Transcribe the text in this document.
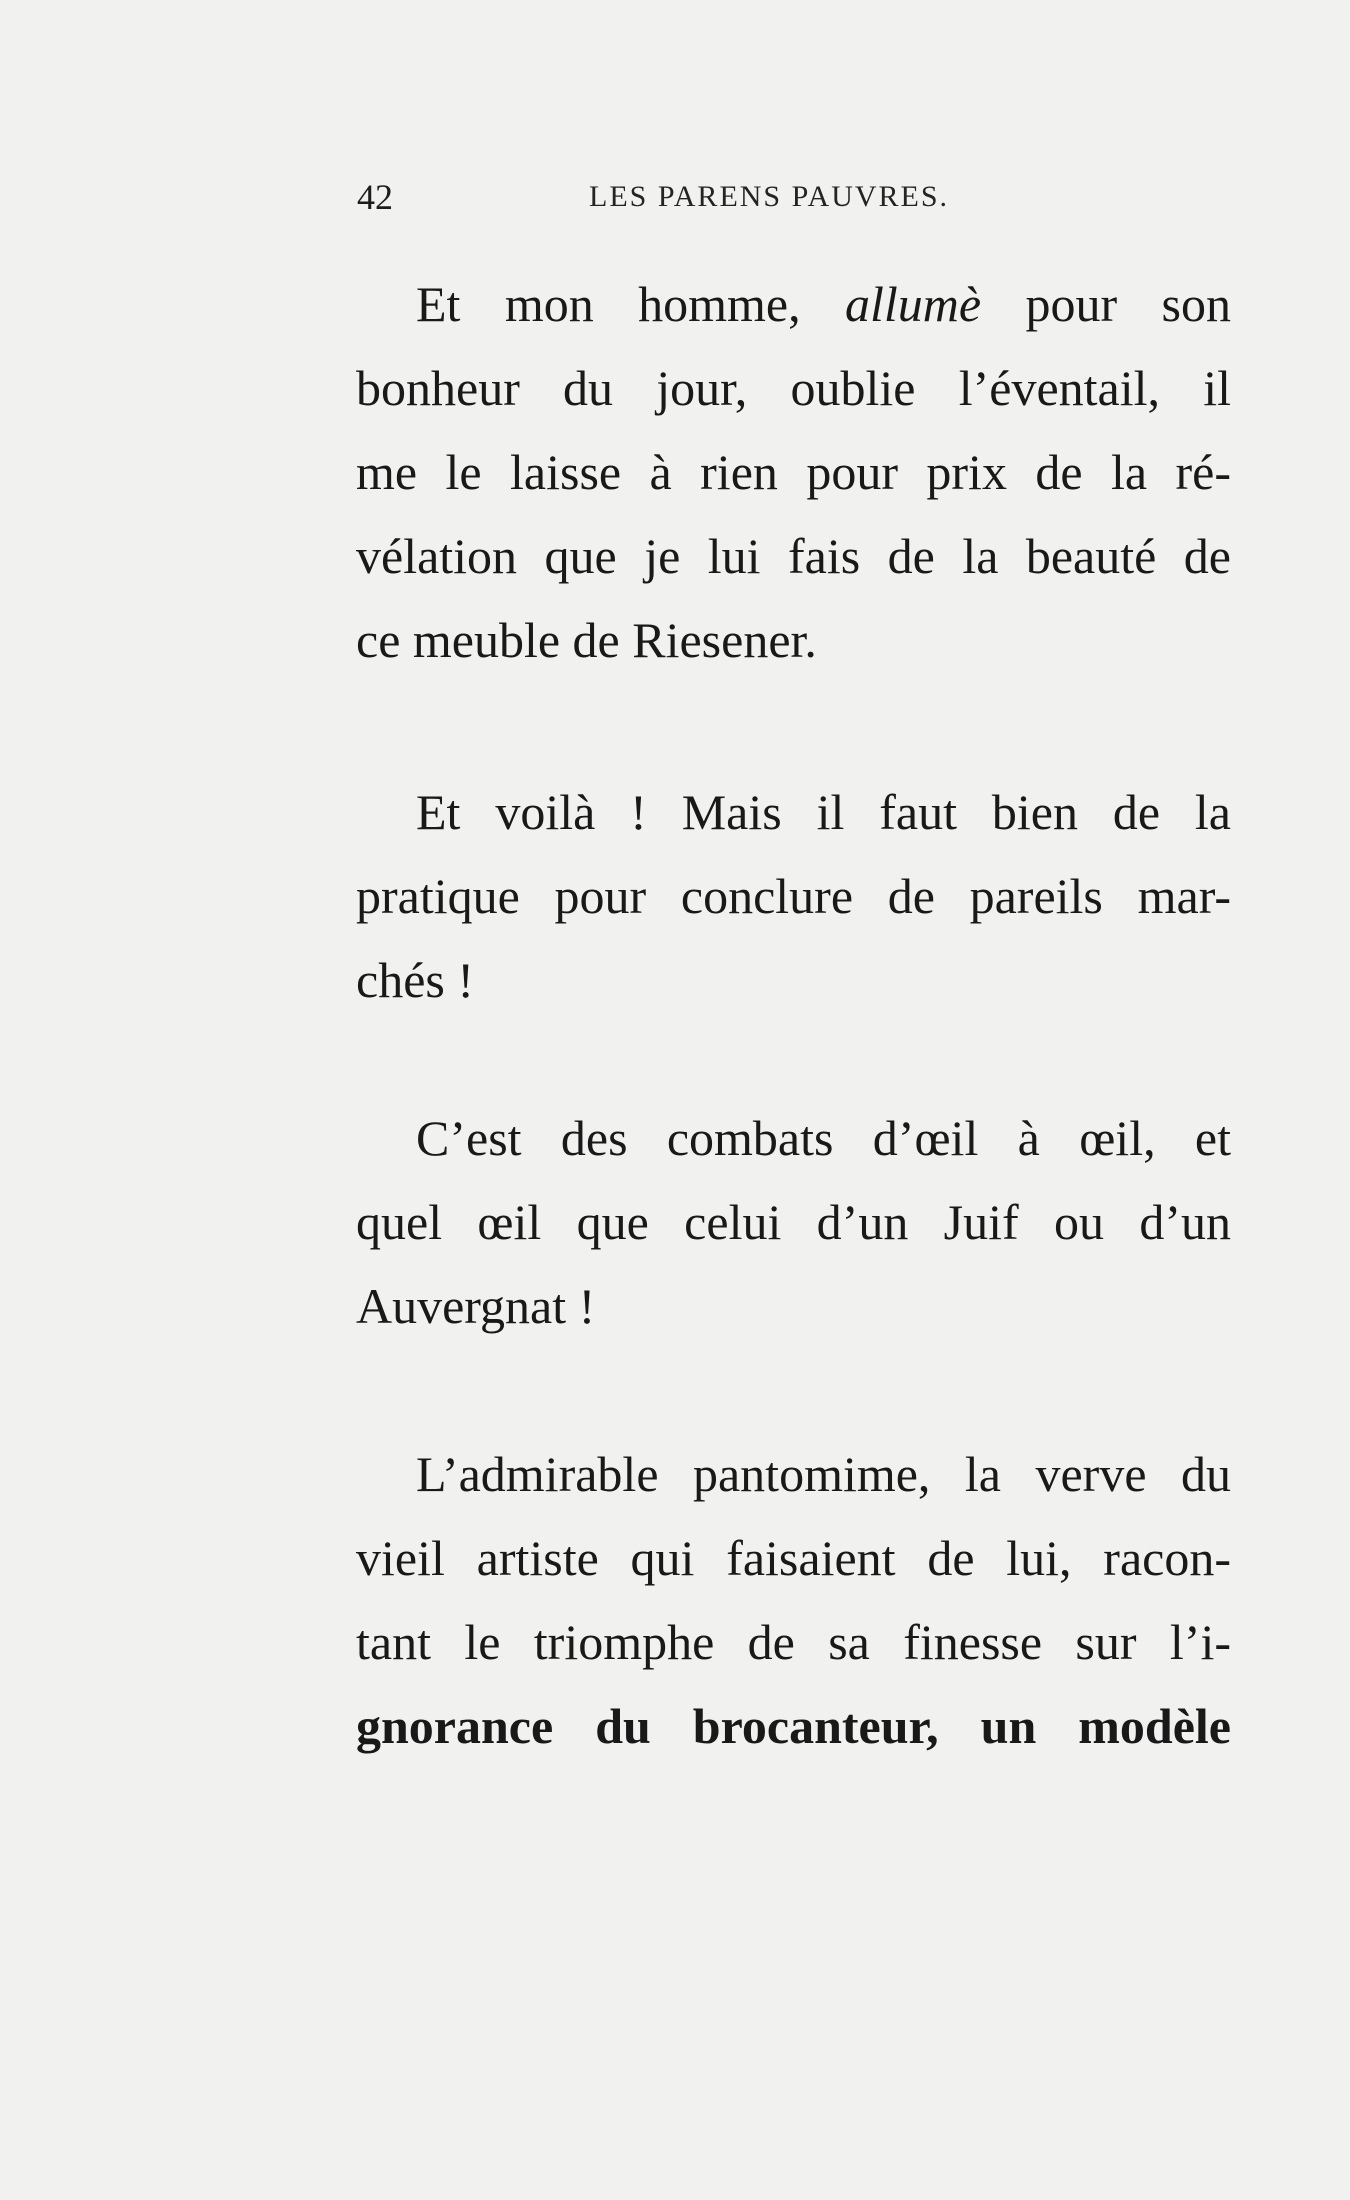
42	LES PARENS PAUVRES.
Et mon homme, allumè pour son
bonheur du jour, oublie l’éventail, il
me le laisse à rien pour prix de la ré-
vélation que je lui fais de la beauté de
ce meuble de Riesener.
Et voilà ! Mais il faut bien de la
pratique pour conclure de pareils mar-
chés !
C’est des combats d’œil à œil, et
quel œil que celui d’un Juif ou d’un
Auvergnat !
L’admirable pantomime, la verve du
vieil artiste qui faisaient de lui, racon-
tant le triomphe de sa finesse sur l’i-
gnorance du brocanteur, un modèle
